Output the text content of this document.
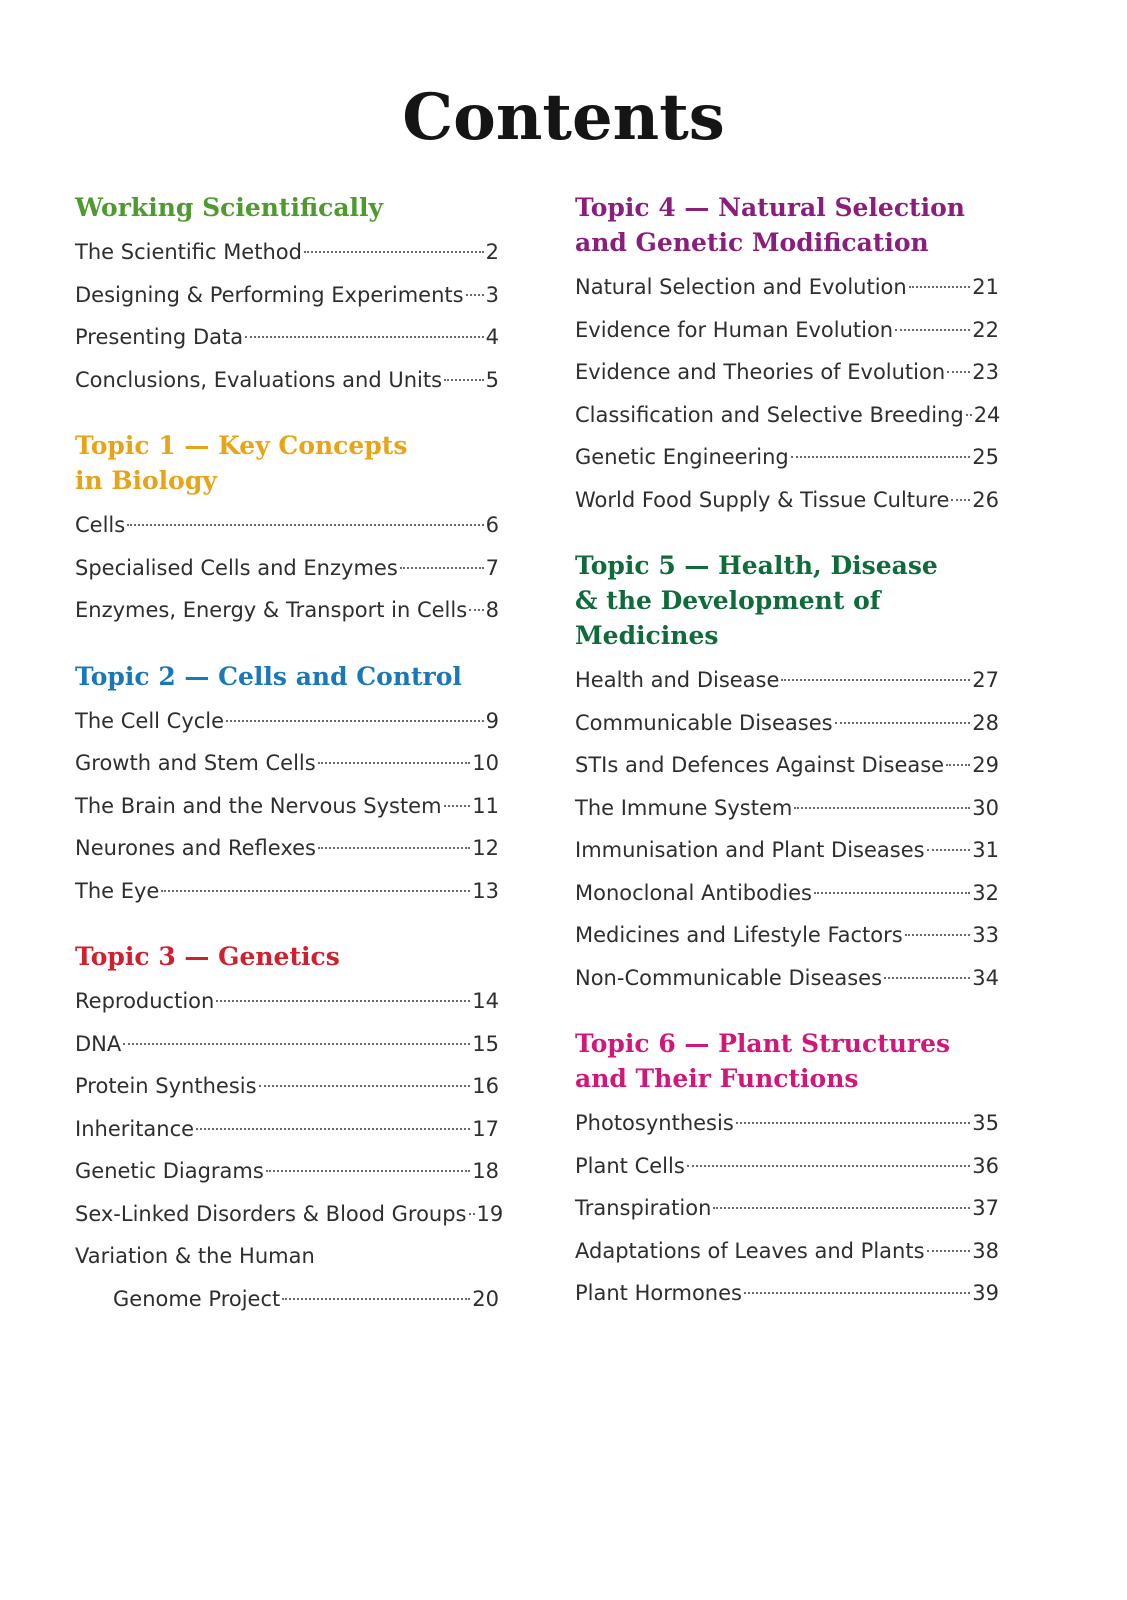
Contents
Working Scientifically
The Scientific Method	2
Designing & Performing Experiments 3
Presenting Data	4
Conclusions, Evaluations and Units 5
Topic 1 — Key Concepts in Biology
Cells	6
Specialised Cells and Enzymes	7
Enzymes, Energy & Transport in Cells 8
Topic 2 — Cells and Control
The Cell Cycle	9
Growth and Stem Cells	10
The Brain and the Nervous System 11
Neurones and Reflexes	12
The Eye	13
Topic 3 — Genetics
Reproduction	14
DNA	15
Protein Synthesis	16
Inheritance	17
Genetic Diagrams	18
Sex-Linked Disorders & Blood Groups 19
Variation & the Human
Genome Project	20
Topic 4 — Natural Selection and Genetic Modification
Natural Selection and Evolution	21
Evidence for Human Evolution	22
Evidence and Theories of Evolution 23
Classification and Selective Breeding 24
Genetic Engineering	25
World Food Supply & Tissue Culture 26
Topic 5 — Health, Disease & the Development of Medicines
Health and Disease	27
Communicable Diseases	28
STIs and Defences Against Disease 29
The Immune System	30
Immunisation and Plant Diseases 31
Monoclonal Antibodies	32
Medicines and Lifestyle Factors	33
Non-Communicable Diseases	34
Topic 6 — Plant Structures and Their Functions
Photosynthesis	35
Plant Cells	36
Transpiration	37
Adaptations of Leaves and Plants 38
Plant Hormones	39
